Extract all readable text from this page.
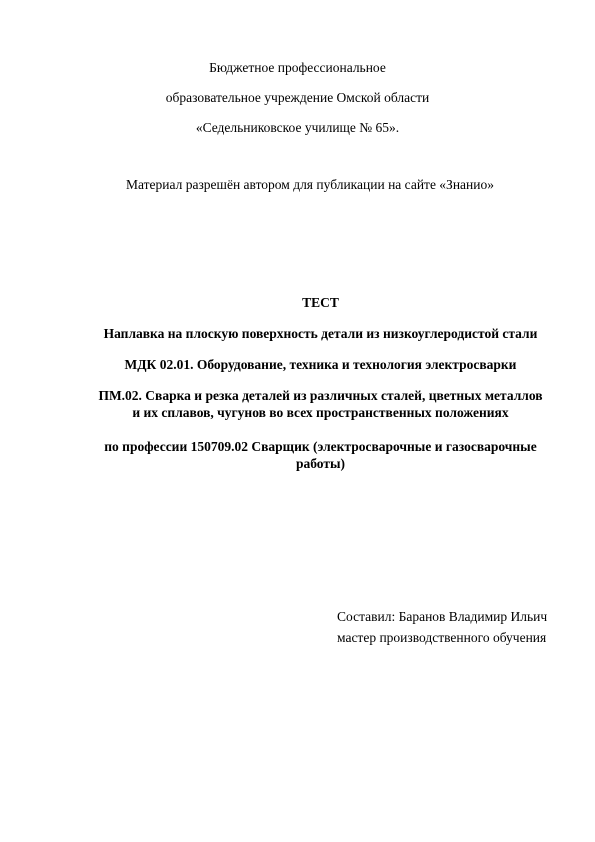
Бюджетное профессиональное
образовательное учреждение Омской области
«Седельниковское училище № 65».
Материал разрешён автором для публикации на сайте «Знанио»
ТЕСТ
Наплавка на плоскую поверхность детали из низкоуглеродистой стали
МДК 02.01. Оборудование, техника и технология электросварки
ПМ.02. Сварка и резка деталей из различных сталей, цветных металлов
и их сплавов, чугунов во всех пространственных положениях
по профессии 150709.02 Сварщик (электросварочные и газосварочные
работы)
Составил: Баранов Владимир Ильич
мастер производственного обучения
